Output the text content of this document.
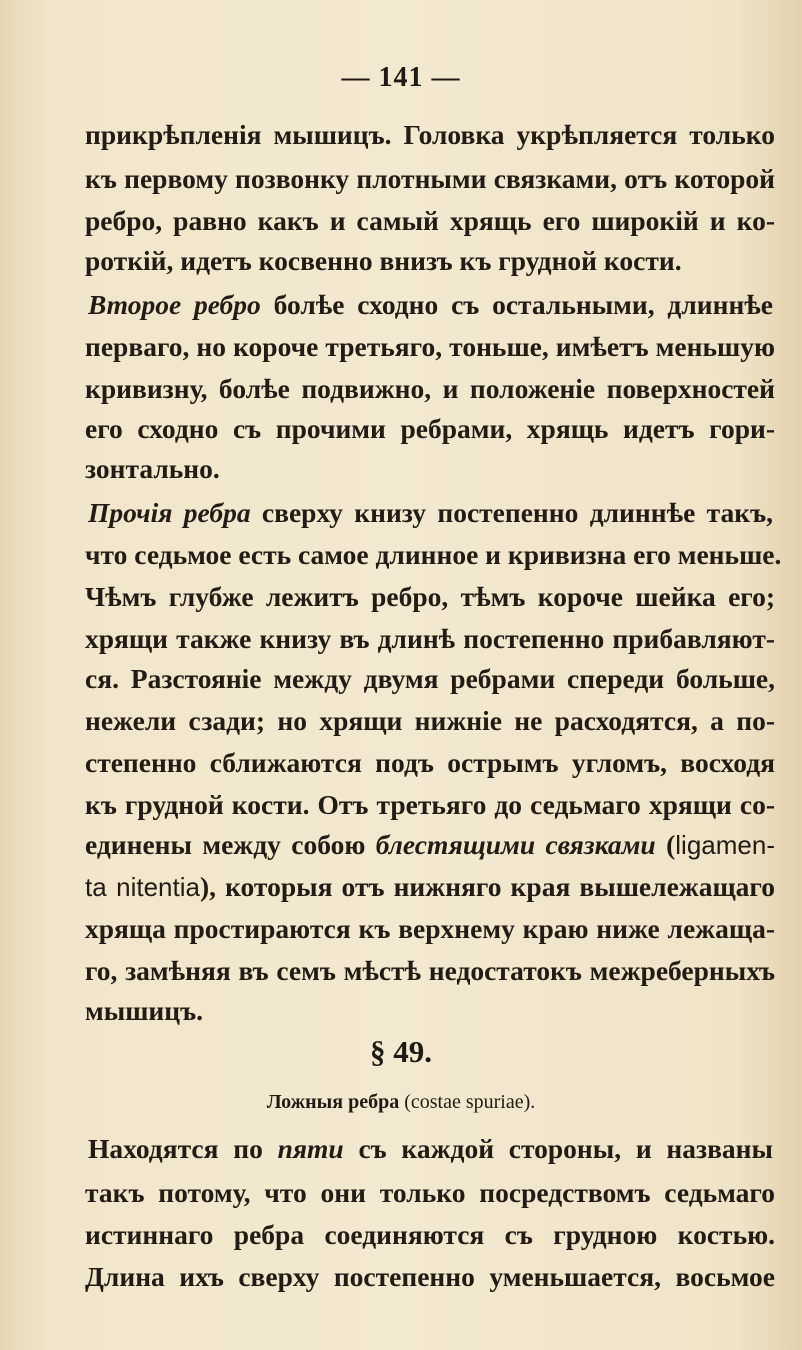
— 141 —
прикрѣпленія мышицъ. Головка укрѣпляется только
къ первому позвонку плотными связками, отъ которой
ребро, равно какъ и самый хрящь его широкій и ко-
роткій, идетъ косвенно внизъ къ грудной кости.
Второе ребро болѣе сходно съ остальными, длиннѣе
перваго, но короче третьяго, тоньше, имѣетъ меньшую
кривизну, болѣе подвижно, и положеніе поверхностей
его сходно съ прочими ребрами, хрящь идетъ гори-
зонтально.
Прочія ребра сверху книзу постепенно длиннѣе такъ,
что седьмое есть самое длинное и кривизна его меньше.
Чѣмъ глубже лежитъ ребро, тѣмъ короче шейка его;
хрящи также книзу въ длинѣ постепенно прибавляют-
ся. Разстояніе между двумя ребрами спереди больше,
нежели сзади; но хрящи нижніе не расходятся, а по-
степенно сближаются подъ острымъ угломъ, восходя
къ грудной кости. Отъ третьяго до седьмаго хрящи со-
единены между собою блестящими связками (ligamen-
ta nitentia), которыя отъ нижняго края вышележащаго
хряща простираются къ верхнему краю ниже лежаща-
го, замѣняя въ семъ мѣстѣ недостатокъ межреберныхъ
мышицъ.
§ 49.
Ложныя ребра (costae spuriae).
Находятся по пяти съ каждой стороны, и названы
такъ потому, что они только посредствомъ седьмаго
истиннаго ребра соединяются съ грудною костью.
Длина ихъ сверху постепенно уменьшается, восьмое
